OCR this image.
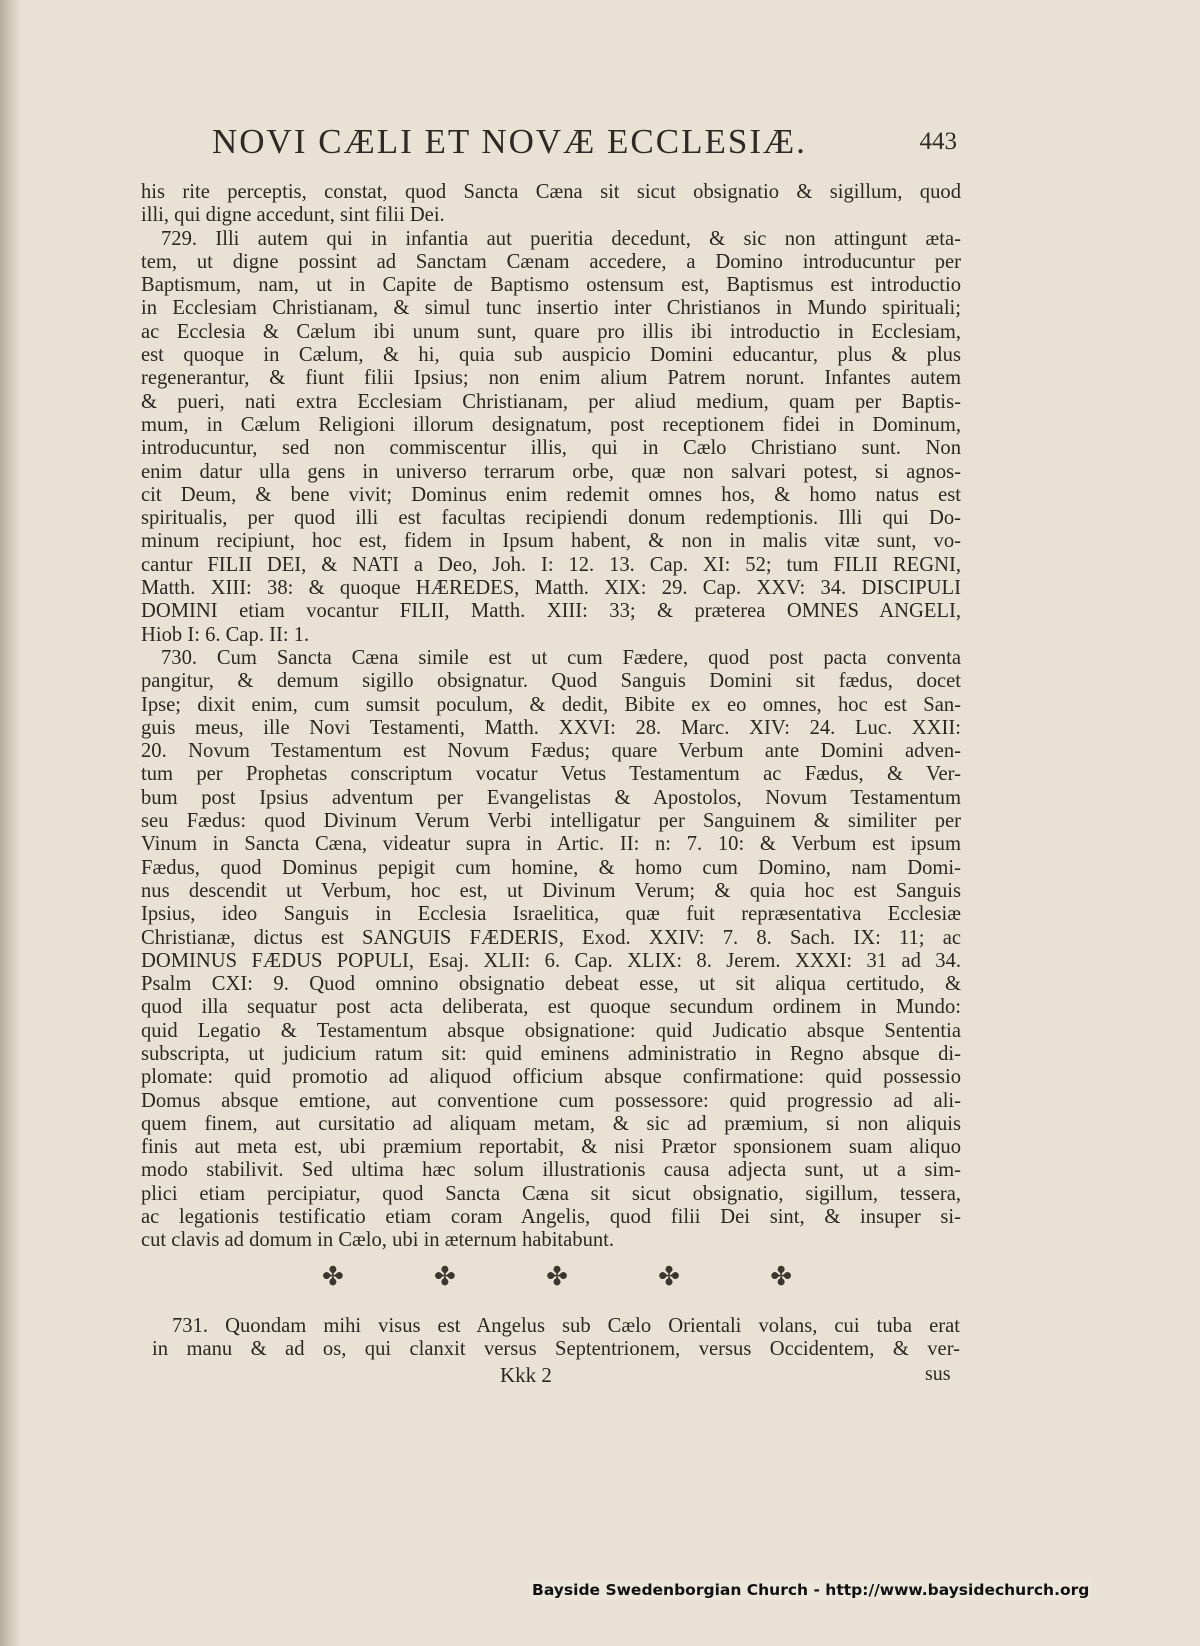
NOVI CÆLI ET NOVÆ ECCLESIÆ.	443
his rite perceptis, constat, quod Sancta Cæna sit sicut obsignatio & sigillum, quod
illi, qui digne accedunt, sint filii Dei.
729. Illi autem qui in infantia aut pueritia decedunt, & sic non attingunt æta-
tem, ut digne possint ad Sanctam Cænam accedere, a Domino introducuntur per
Baptismum, nam, ut in Capite de Baptismo ostensum est, Baptismus est introductio
in Ecclesiam Christianam, & simul tunc insertio inter Christianos in Mundo spirituali;
ac Ecclesia & Cælum ibi unum sunt, quare pro illis ibi introductio in Ecclesiam,
est quoque in Cælum, & hi, quia sub auspicio Domini educantur, plus & plus
regenerantur, & fiunt filii Ipsius; non enim alium Patrem norunt. Infantes autem
& pueri, nati extra Ecclesiam Christianam, per aliud medium, quam per Baptis-
mum, in Cælum Religioni illorum designatum, post receptionem fidei in Dominum,
introducuntur, sed non commiscentur illis, qui in Cælo Christiano sunt. Non
enim datur ulla gens in universo terrarum orbe, quæ non salvari potest, si agnos-
cit Deum, & bene vivit; Dominus enim redemit omnes hos, & homo natus est
spiritualis, per quod illi est facultas recipiendi donum redemptionis. Illi qui Do-
minum recipiunt, hoc est, fidem in Ipsum habent, & non in malis vitæ sunt, vo-
cantur FILII DEI, & NATI a Deo, Joh. I: 12. 13. Cap. XI: 52; tum FILII REGNI,
Matth. XIII: 38: & quoque HÆREDES, Matth. XIX: 29. Cap. XXV: 34. DISCIPULI
DOMINI etiam vocantur FILII, Matth. XIII: 33; & præterea OMNES ANGELI,
Hiob I: 6. Cap. II: 1.
730. Cum Sancta Cæna simile est ut cum Fædere, quod post pacta conventa
pangitur, & demum sigillo obsignatur. Quod Sanguis Domini sit fædus, docet
Ipse; dixit enim, cum sumsit poculum, & dedit, Bibite ex eo omnes, hoc est San-
guis meus, ille Novi Testamenti, Matth. XXVI: 28. Marc. XIV: 24. Luc. XXII:
20. Novum Testamentum est Novum Fædus; quare Verbum ante Domini adven-
tum per Prophetas conscriptum vocatur Vetus Testamentum ac Fædus, & Ver-
bum post Ipsius adventum per Evangelistas & Apostolos, Novum Testamentum
seu Fædus: quod Divinum Verum Verbi intelligatur per Sanguinem & similiter per
Vinum in Sancta Cæna, videatur supra in Artic. II: n: 7. 10: & Verbum est ipsum
Fædus, quod Dominus pepigit cum homine, & homo cum Domino, nam Domi-
nus descendit ut Verbum, hoc est, ut Divinum Verum; & quia hoc est Sanguis
Ipsius, ideo Sanguis in Ecclesia Israelitica, quæ fuit repræsentativa Ecclesiæ
Christianæ, dictus est SANGUIS FÆDERIS, Exod. XXIV: 7. 8. Sach. IX: 11; ac
DOMINUS FÆDUS POPULI, Esaj. XLII: 6. Cap. XLIX: 8. Jerem. XXXI: 31 ad 34.
Psalm CXI: 9. Quod omnino obsignatio debeat esse, ut sit aliqua certitudo, &
quod illa sequatur post acta deliberata, est quoque secundum ordinem in Mundo:
quid Legatio & Testamentum absque obsignatione: quid Judicatio absque Sententia
subscripta, ut judicium ratum sit: quid eminens administratio in Regno absque di-
plomate: quid promotio ad aliquod officium absque confirmatione: quid possessio
Domus absque emtione, aut conventione cum possessore: quid progressio ad ali-
quem finem, aut cursitatio ad aliquam metam, & sic ad præmium, si non aliquis
finis aut meta est, ubi præmium reportabit, & nisi Prætor sponsionem suam aliquo
modo stabilivit. Sed ultima hæc solum illustrationis causa adjecta sunt, ut a sim-
plici etiam percipiatur, quod Sancta Cæna sit sicut obsignatio, sigillum, tessera,
ac legationis testificatio etiam coram Angelis, quod filii Dei sint, & insuper si-
cut clavis ad domum in Cælo, ubi in æternum habitabunt.
✤	✤	✤	✤	✤
731. Quondam mihi visus est Angelus sub Cælo Orientali volans, cui tuba erat
in manu & ad os, qui clanxit versus Septentrionem, versus Occidentem, & ver-
Kkk 2	sus
Bayside Swedenborgian Church - http://www.baysidechurch.org
